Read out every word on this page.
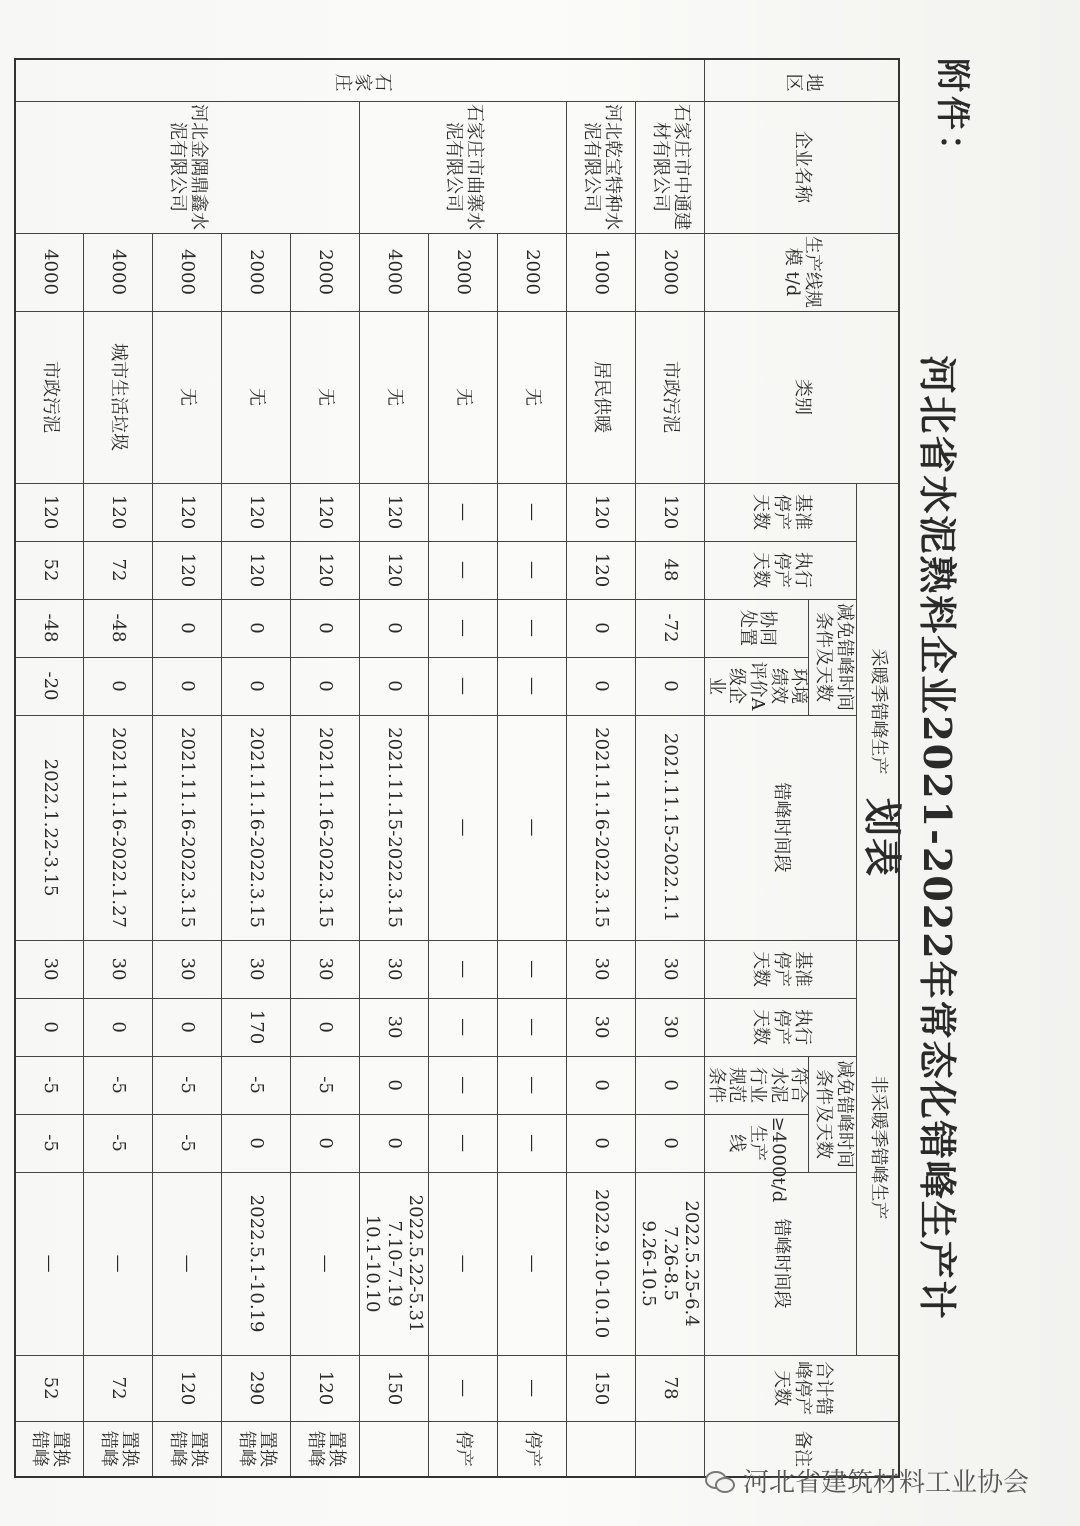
附件：
河北省水泥熟料企业2021-2022年常态化错峰生产计划表
地区	企业名称	生产线规模 t/d	类别	采暖季错峰生产					非采暖季错峰生产					合计错峰停产天数	备注
				基准停产天数	执行停产天数	减免错峰时间条件及天数		错峰时间段	基准停产天数	执行停产天数	减免错峰时间条件及天数		错峰时间段		
						协同处置	环境绩效评价A级企业				符合水泥行业规范条件	≥4000t/d生产线			
石家庄	石家庄市中通建材有限公司	2000	市政污泥	120	48	-72	0	2021.11.15-2022.1.1	30	30	0	0	2022.5.25-6.4
7.26-8.5
9.26-10.5	78	
	河北乾宝特种水泥有限公司	1000	居民供暖	120	120	0	0	2021.11.16-2022.3.15	30	30	0	0	2022.9.10-10.10	150	
	石家庄市曲寨水泥有限公司	2000	无	—	—	—	—	—	—	—	—	—	—	—	停产
		2000	无	—	—	—	—	—	—	—	—	—	—	—	停产
		4000	无	120	120	0	0	2021.11.15-2022.3.15	30	30	0	0	2022.5.22-5.31
7.10-7.19
10.1-10.10	150	
	河北金隅鼎鑫水泥有限公司	2000	无	120	120	0	0	2021.11.16-2022.3.15	30	0	-5	0	—	120	置换错峰
		2000	无	120	120	0	0	2021.11.16-2022.3.15	30	170	-5	0	2022.5.1-10.19	290	置换错峰
		4000	无	120	120	0	0	2021.11.16-2022.3.15	30	0	-5	-5	—	120	置换错峰
		4000	城市生活垃圾	120	72	-48	0	2021.11.16-2022.1.27	30	0	-5	-5	—	72	置换错峰
		4000	市政污泥	120	52	-48	-20	2022.1.22-3.15	30	0	-5	-5	—	52	置换错峰
河北省建筑材料工业协会
